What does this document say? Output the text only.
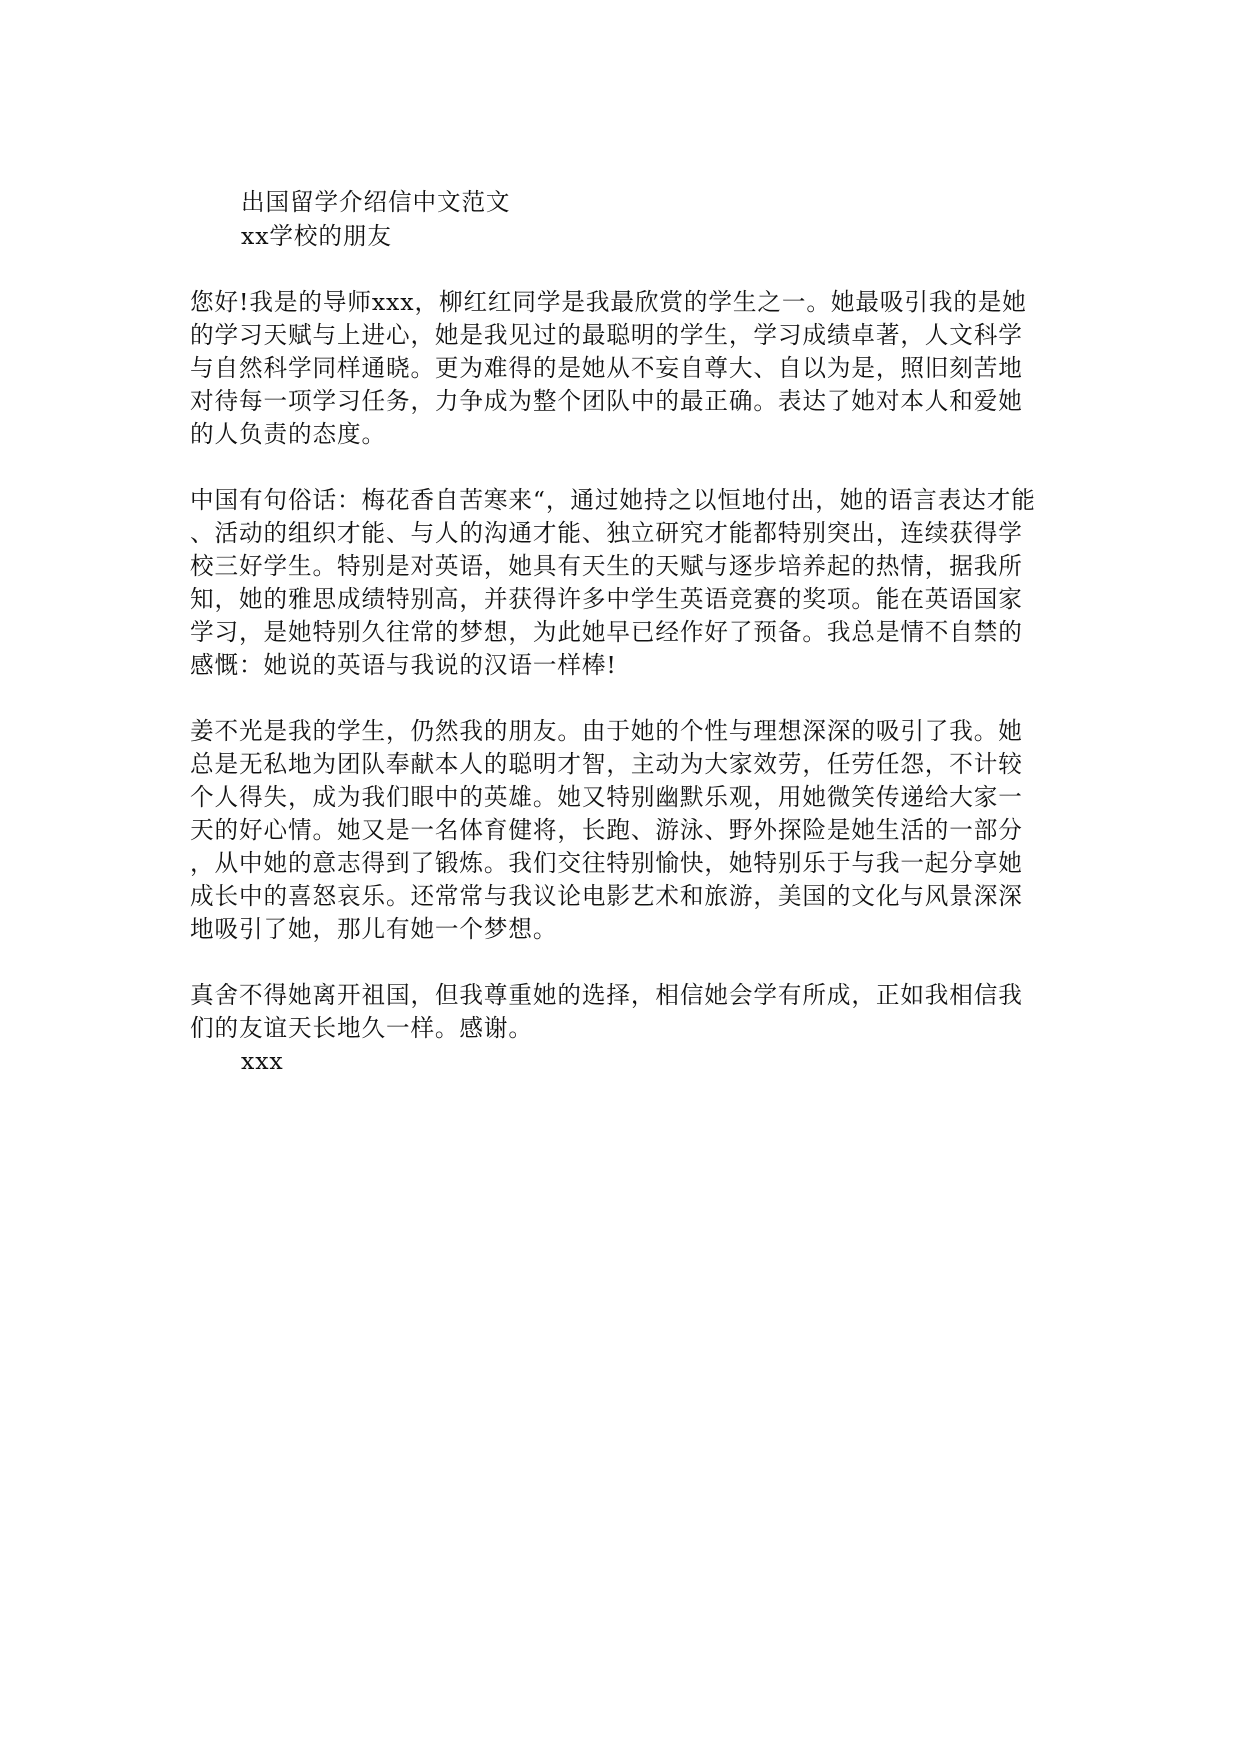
出国留学介绍信中文范文
xx学校的朋友
您好!我是的导师xxx，柳红红同学是我最欣赏的学生之一。她最吸引我的是她
的学习天赋与上进心，她是我见过的最聪明的学生，学习成绩卓著，人文科学
与自然科学同样通晓。更为难得的是她从不妄自尊大、自以为是，照旧刻苦地
对待每一项学习任务，力争成为整个团队中的最正确。表达了她对本人和爱她
的人负责的态度。
中国有句俗话：梅花香自苦寒来“，通过她持之以恒地付出，她的语言表达才能
、活动的组织才能、与人的沟通才能、独立研究才能都特别突出，连续获得学
校三好学生。特别是对英语，她具有天生的天赋与逐步培养起的热情，据我所
知，她的雅思成绩特别高，并获得许多中学生英语竞赛的奖项。能在英语国家
学习，是她特别久往常的梦想，为此她早已经作好了预备。我总是情不自禁的
感慨：她说的英语与我说的汉语一样棒!
姜不光是我的学生，仍然我的朋友。由于她的个性与理想深深的吸引了我。她
总是无私地为团队奉献本人的聪明才智，主动为大家效劳，任劳任怨，不计较
个人得失，成为我们眼中的英雄。她又特别幽默乐观，用她微笑传递给大家一
天的好心情。她又是一名体育健将，长跑、游泳、野外探险是她生活的一部分
，从中她的意志得到了锻炼。我们交往特别愉快，她特别乐于与我一起分享她
成长中的喜怒哀乐。还常常与我议论电影艺术和旅游，美国的文化与风景深深
地吸引了她，那儿有她一个梦想。
真舍不得她离开祖国，但我尊重她的选择，相信她会学有所成，正如我相信我
们的友谊天长地久一样。感谢。
xxx
